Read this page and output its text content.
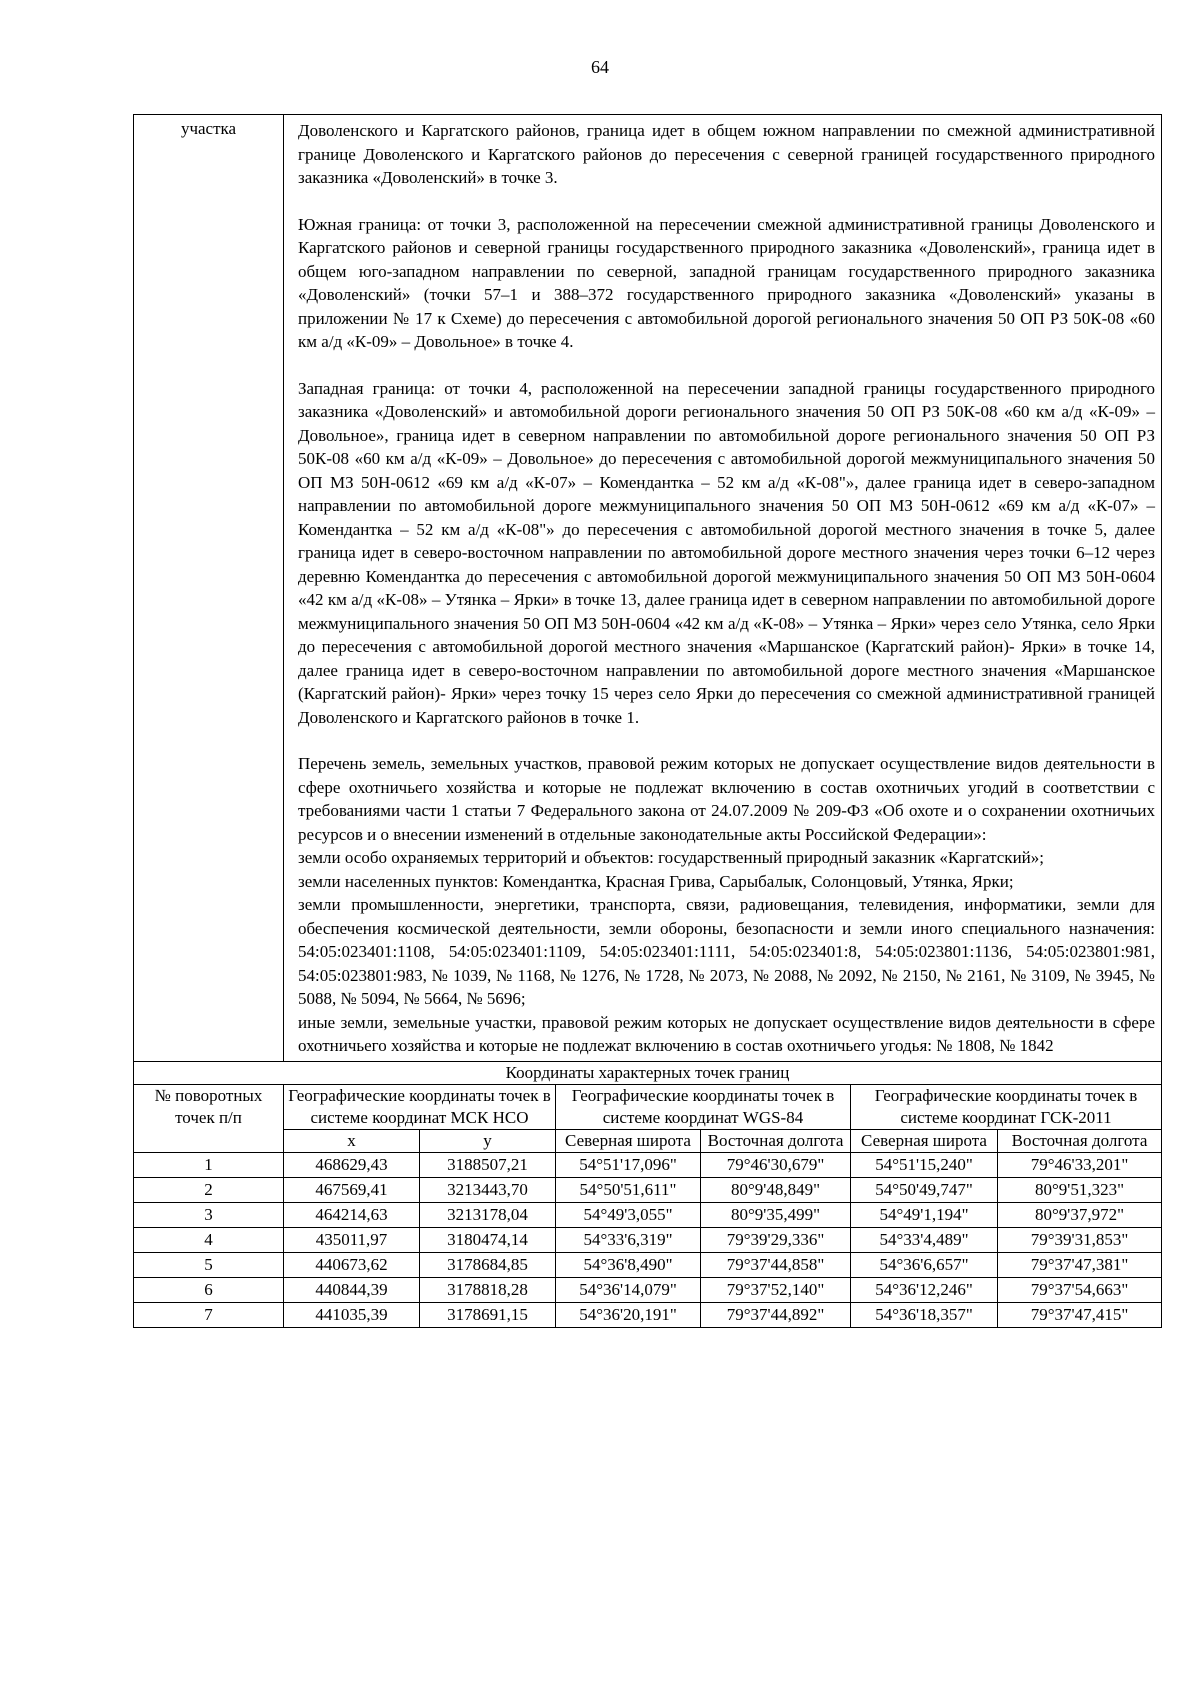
64
участка	Доволенского и Каргатского районов, граница идет в общем южном направлении по смежной административной границе Доволенского и Каргатского районов до пересечения с северной границей государственного природного заказника «Доволенский» в точке 3.

Южная граница: от точки 3, расположенной на пересечении смежной административной границы Доволенского и Каргатского районов и северной границы государственного природного заказника «Доволенский», граница идет в общем юго-западном направлении по северной, западной границам государственного природного заказника «Доволенский» (точки 57–1 и 388–372 государственного природного заказника «Доволенский» указаны в приложении № 17 к Схеме) до пересечения с автомобильной дорогой регионального значения 50 ОП РЗ 50К-08 «60 км а/д «К-09» – Довольное» в точке 4.

Западная граница: от точки 4, расположенной на пересечении западной границы государственного природного заказника «Доволенский» и автомобильной дороги регионального значения 50 ОП РЗ 50К-08 «60 км а/д «К-09» – Довольное», граница идет в северном направлении по автомобильной дороге регионального значения 50 ОП РЗ 50К-08 «60 км а/д «К-09» – Довольное» до пересечения с автомобильной дорогой межмуниципального значения 50 ОП МЗ 50Н-0612 «69 км а/д «К-07» – Комендантка – 52 км а/д «К-08"», далее граница идет в северо-западном направлении по автомобильной дороге межмуниципального значения 50 ОП МЗ 50Н-0612 «69 км а/д «К-07» – Комендантка – 52 км а/д «К-08"» до пересечения с автомобильной дорогой местного значения в точке 5, далее граница идет в северо-восточном направлении по автомобильной дороге местного значения через точки 6–12 через деревню Комендантка до пересечения с автомобильной дорогой межмуниципального значения 50 ОП МЗ 50Н-0604 «42 км а/д «К-08» – Утянка – Ярки» в точке 13, далее граница идет в северном направлении по автомобильной дороге межмуниципального значения 50 ОП МЗ 50Н-0604 «42 км а/д «К-08» – Утянка – Ярки» через село Утянка, село Ярки до пересечения с автомобильной дорогой местного значения «Маршанское (Каргатский район)- Ярки» в точке 14, далее граница идет в северо-восточном направлении по автомобильной дороге местного значения «Маршанское (Каргатский район)- Ярки» через точку 15 через село Ярки до пересечения со смежной административной границей Доволенского и Каргатского районов в точке 1.

Перечень земель, земельных участков, правовой режим которых не допускает осуществление видов деятельности в сфере охотничьего хозяйства и которые не подлежат включению в состав охотничьих угодий в соответствии с требованиями части 1 статьи 7 Федерального закона от 24.07.2009 № 209-ФЗ «Об охоте и о сохранении охотничьих ресурсов и о внесении изменений в отдельные законодательные акты Российской Федерации»:

земли особо охраняемых территорий и объектов: государственный природный заказник «Каргатский»;

земли населенных пунктов: Комендантка, Красная Грива, Сарыбалык, Солонцовый, Утянка, Ярки;

земли промышленности, энергетики, транспорта, связи, радиовещания, телевидения, информатики, земли для обеспечения космической деятельности, земли обороны, безопасности и земли иного специального назначения: 54:05:023401:1108, 54:05:023401:1109, 54:05:023401:1111, 54:05:023401:8, 54:05:023801:1136, 54:05:023801:981, 54:05:023801:983, № 1039, № 1168, № 1276, № 1728, № 2073, № 2088, № 2092, № 2150, № 2161, № 3109, № 3945, № 5088, № 5094, № 5664, № 5696;

иные земли, земельные участки, правовой режим которых не допускает осуществление видов деятельности в сфере охотничьего хозяйства и которые не подлежат включению в состав охотничьего угодья: № 1808, № 1842

Координаты характерных точек границ						
№ поворотных точек п/п	Географические координаты точек в системе координат МСК НСО		Географические координаты точек в системе координат WGS-84		Географические координаты точек в системе координат ГСК-2011	
	x	y	Северная широта	Восточная долгота	Северная широта	Восточная долгота
1	468629,43	3188507,21	54°51'17,096"	79°46'30,679"	54°51'15,240"	79°46'33,201"
2	467569,41	3213443,70	54°50'51,611"	80°9'48,849"	54°50'49,747"	80°9'51,323"
3	464214,63	3213178,04	54°49'3,055"	80°9'35,499"	54°49'1,194"	80°9'37,972"
4	435011,97	3180474,14	54°33'6,319"	79°39'29,336"	54°33'4,489"	79°39'31,853"
5	440673,62	3178684,85	54°36'8,490"	79°37'44,858"	54°36'6,657"	79°37'47,381"
6	440844,39	3178818,28	54°36'14,079"	79°37'52,140"	54°36'12,246"	79°37'54,663"
7	441035,39	3178691,15	54°36'20,191"	79°37'44,892"	54°36'18,357"	79°37'47,415"
